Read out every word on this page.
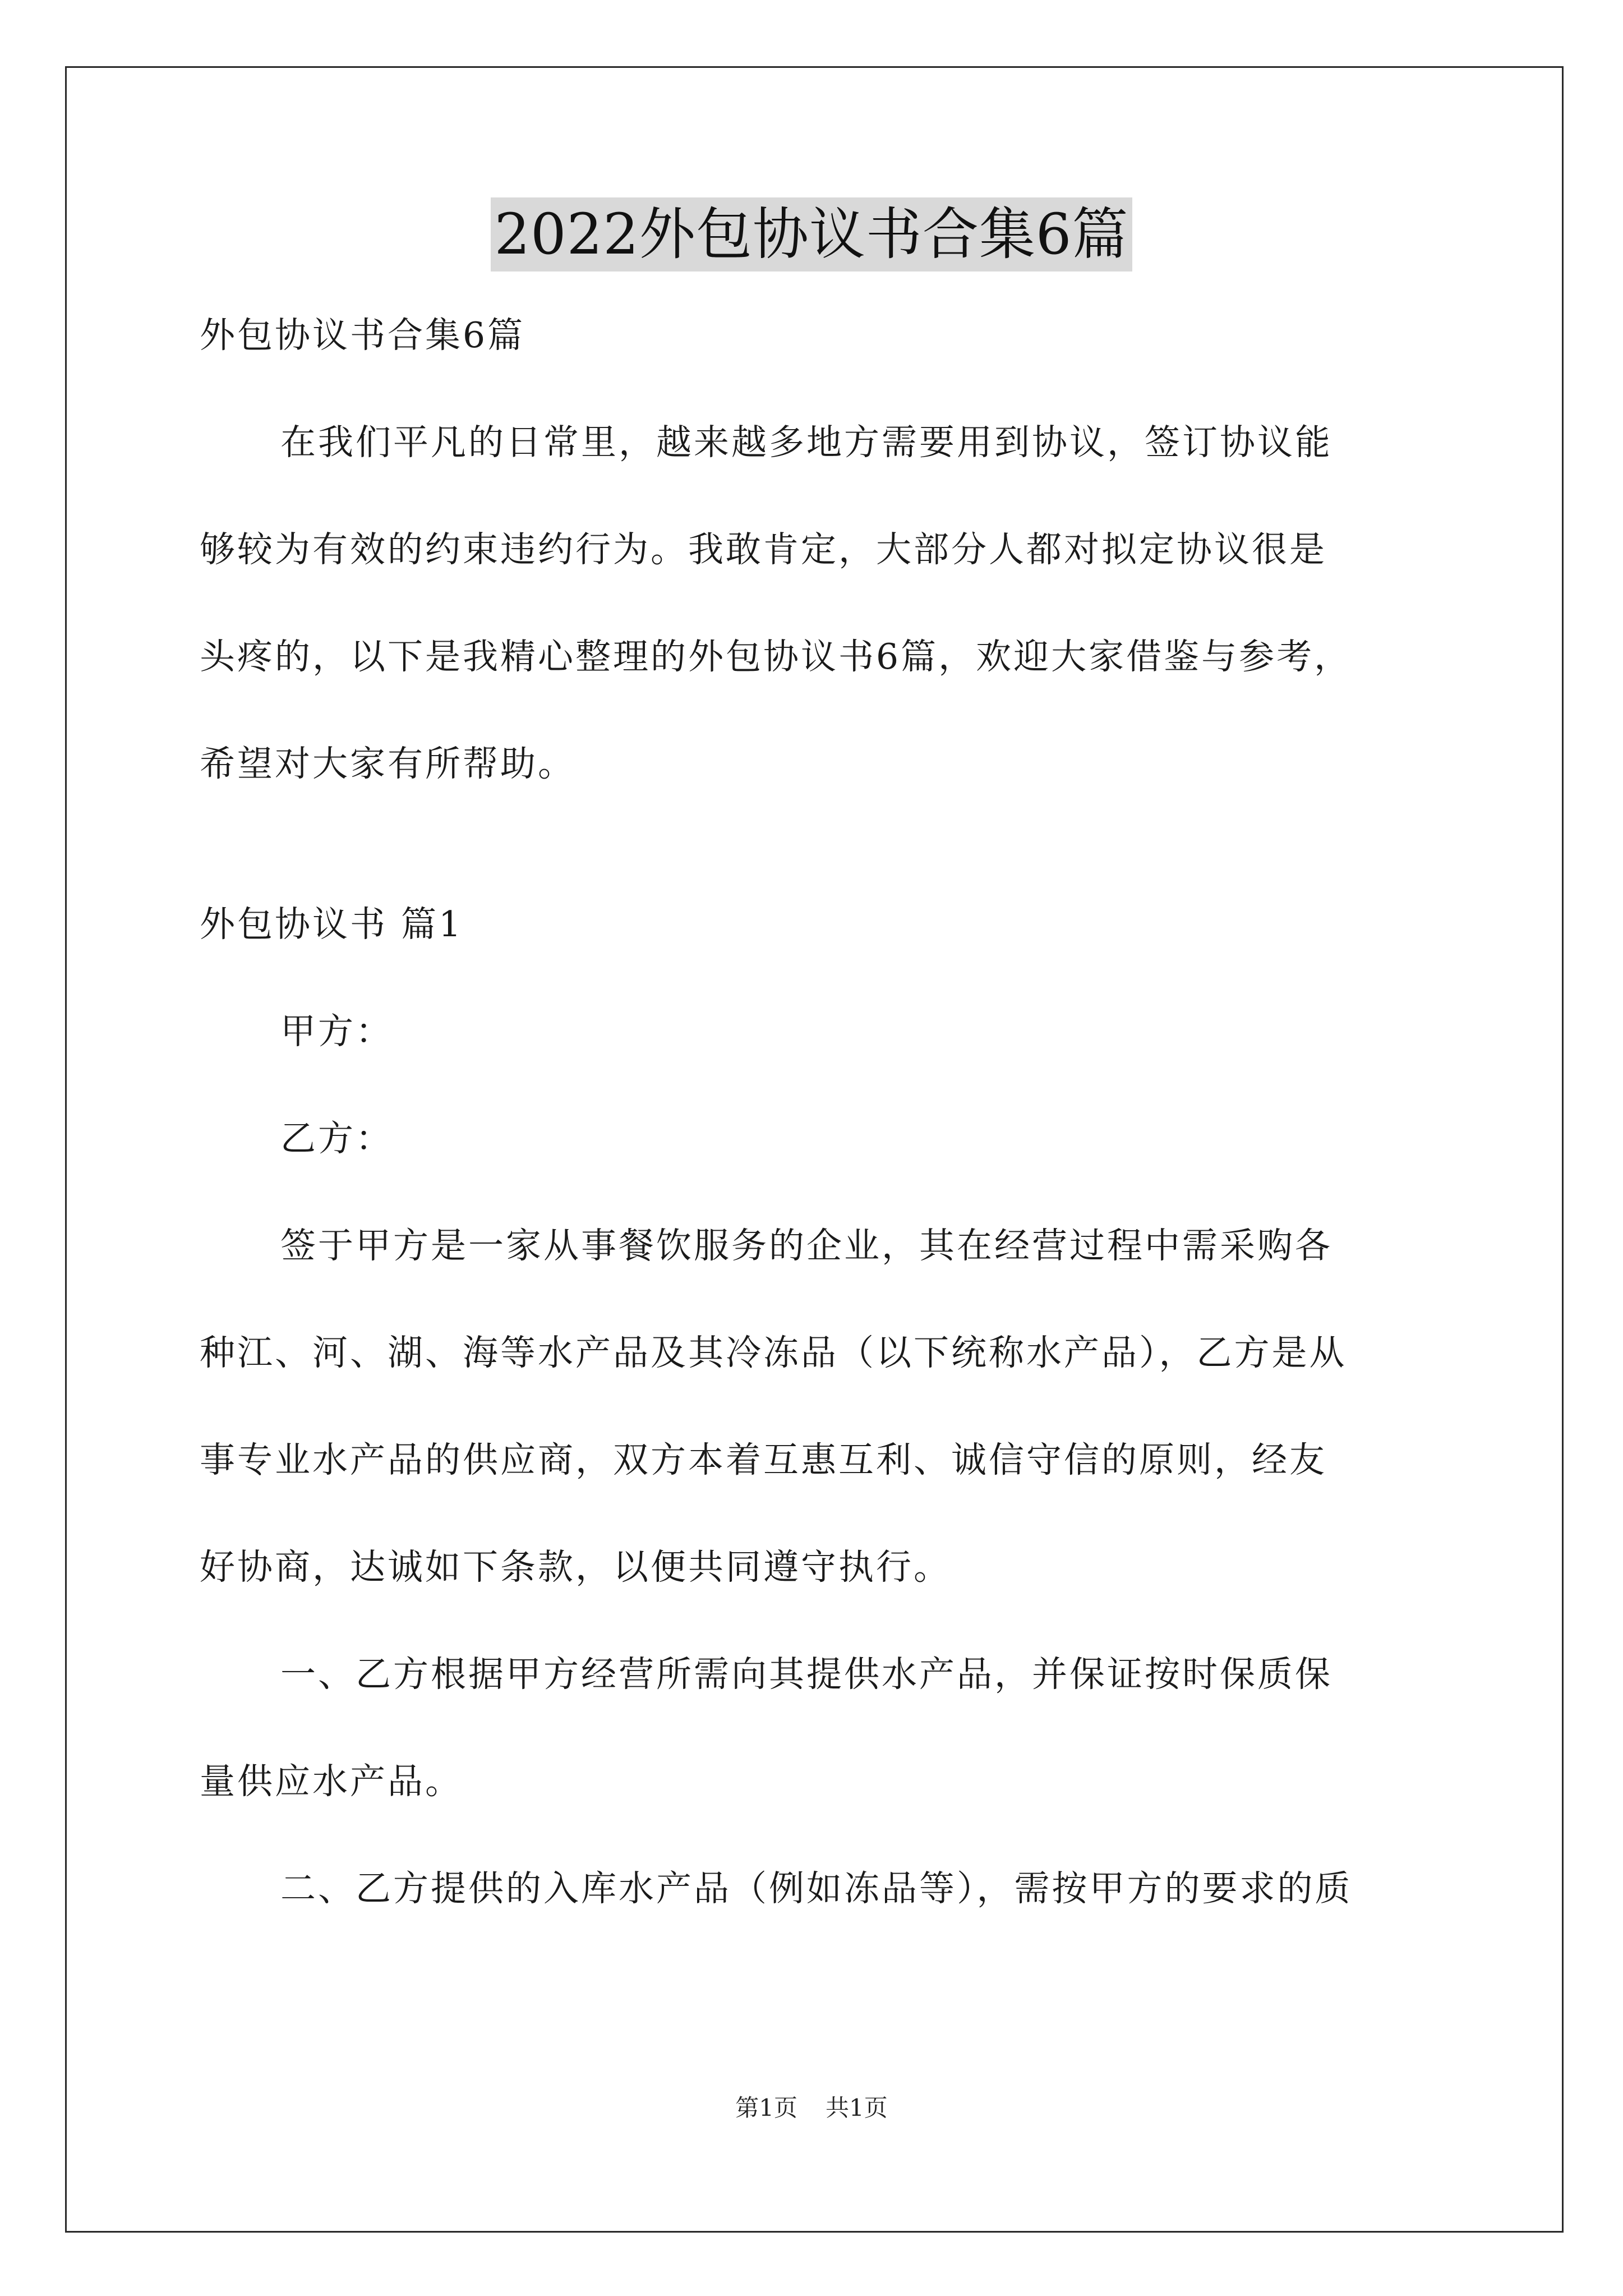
2022外包协议书合集6篇
外包协议书合集6篇
在我们平凡的日常里，越来越多地方需要用到协议，签订协议能
够较为有效的约束违约行为。我敢肯定，大部分人都对拟定协议很是
头疼的，以下是我精心整理的外包协议书6篇，欢迎大家借鉴与参考，
希望对大家有所帮助。
外包协议书 篇1
甲方：
乙方：
签于甲方是一家从事餐饮服务的企业，其在经营过程中需采购各
种江、河、湖、海等水产品及其冷冻品（以下统称水产品），乙方是从
事专业水产品的供应商，双方本着互惠互利、诚信守信的原则，经友
好协商，达诚如下条款，以便共同遵守执行。
一、乙方根据甲方经营所需向其提供水产品，并保证按时保质保
量供应水产品。
二、乙方提供的入库水产品（例如冻品等），需按甲方的要求的质
第1页 共1页
